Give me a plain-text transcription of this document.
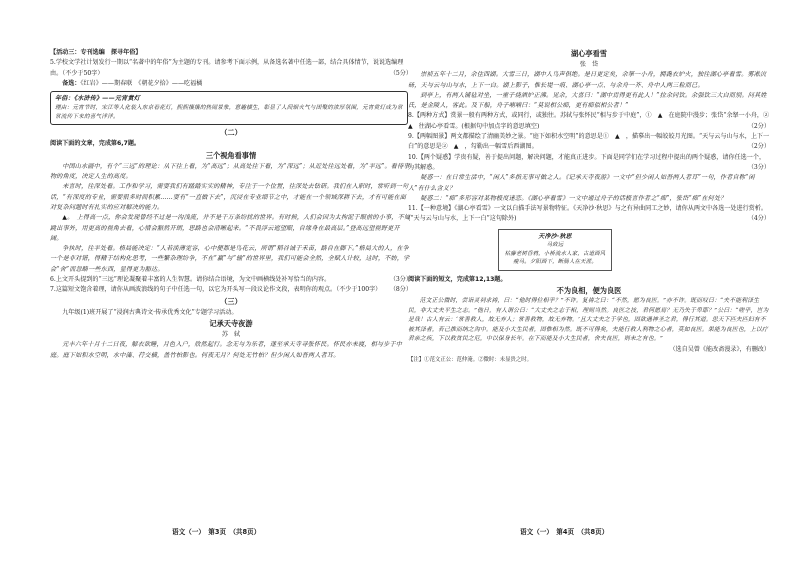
【活动三：专刊选编　探寻年俗】

5.学校文学社计划发行一期以“名著中的年俗”为主题的专刊。请参考下面示例，从备选名著中任选一部，结合具体情节，说说选编理由。（不少于50字）	（5分）

备选：《红岩》——期春联　《朝花夕拾》——吃福橘

年俗：《水浒传》——元宵赏灯

理由：元宵节时，宋江等人化装入东京看花灯，熙熙攘攘的热闹景象，意趣横生，彰显了人间烟火气与团聚的浓厚氛围，元宵赏灯成为常常流传下来的喜气洋洋。

（二）

阅读下面的文章，完成第6,7题。

三个视角看事情

中国山水画中，有个“三远”的理论：从下往上看，为“高远”；从高处往下看，为“深远”；从近处往远处看，为“平远”。看待事物的角度，决定人生的高度。

未言时，往深处看。工作和学习，需要我们有踏踏实实的精神，专注于一个位置，往深处去钻研。我们在入职时，常听到一句话，“有深度的专业，需要很多时间积累……要有“一直做下去”，沉浸在专业细节之中，才能在一个领域深耕下去，才有可能在面对复杂问题时有扎实的应对解决的能力。

▲。　上得高一点，你会发现曾经不过是一沟浅流，并不是千万条纷扰的世界。有时候，人们会因为太拘泥于眼前的小事，不如跳出事外，用更高的视角去看，心情会豁然开朗，思路也会清晰起来。“不畏浮云遮望眼，自缘身在最高层。”登高远望视野更开阔。

争执时，往平处看。格局能决定：“人若淡薄宽容，心中便都是鸟花云，所谓“稻谷诚于禾苗，路自在脚下。”格局大的人，在争一个是非对错，得精于结构化思考，一些繁杂理纷争，不在“赢”与“输”的世界里，我们可能会全然，全赋人计较，这时，不妨，学会“舍”而忽略一些东西，显得更为豁达。

6.上文开头提到的“三远”理论凝聚着丰富的人生智慧。请你结合语境，为文中画横线处补写恰当的内容。	（3分）

7.这篇短文饱含着理，请你从画波浪线的句子中任选一句，以它为开头写一段议论作文段，表明你的观点。（不少于100字） （8分）

（三）

九年级(1)班开展了“浸润古典诗文·传承优秀文化”专题学习活动。

记承天寺夜游

苏　轼

元丰六年十月十二日夜，解衣欲睡，月色入户，欣然起行。念无与为乐者，遂至承天寺寻张怀民。怀民亦未寝，相与步于中庭。庭下如积水空明，水中藻、荇交横，盖竹柏影也。何夜无月？何处无竹柏？但少闲人如吾两人者耳。

湖心亭看雪

张　岱

崇祯五年十二月，余住西湖。大雪三日，湖中人鸟声俱绝。是日更定矣，余拏一小舟，拥毳衣炉火，独往湖心亭看雪。雾凇沆砀，天与云与山与水，上下一白。湖上影子，惟长堤一痕、湖心亭一点、与余舟一芥、舟中人两三粒而已。

到亭上，有两人铺毡对坐，一童子烧酒炉正沸。见余，大喜曰：“湖中焉得更有此人！”拉余同饮。余强饮三大白而别。问其姓氏，是金陵人，客此。及下船，舟子喃喃曰：“莫说相公痴，更有痴似相公者！”

8.【两种方式】赏景一般有两种方式，或同行，或独往。苏轼与张怀民“相与步于中庭”，①　▲　在庭院中漫步；张岱“余拏一小舟，②　▲　往湖心亭看雪。(根据句中加点字的意思填空)	（2分）

9.【两幅图景】两文都描绘了清幽美妙之景。“庭下如积水空明”的意思是①　▲　，描摹出一幅皎皎月光图。“天与云与山与水，上下一白”的意思是②　▲　，勾勒出一幅雪后西湖图。	（2分）

10.【两个疑惑】学贵有疑，善于提出问题，解决问题，才能真正进步。下面是同学们在学习过程中提出的两个疑惑，请你任选一个，为其解惑。	（3分）

疑惑一：在日常生活中，“闲人”多指无事可做之人。《记承天寺夜游》一文中“但少闲人如吾两人者耳”一句，作者自称“闲人”有什么含义？

疑惑二：“痴”多形容对某物极度迷恋。《湖心亭看雪》一文中通过舟子的话极言作者之“痴”，张岱“痴”在何处？

11.【一种意境】《湖心亭看雪》一文以白描手法写景物特征。《天净沙·秋思》与之有异曲同工之妙，请你从两文中各选一处进行赏析。(“天与云与山与水，上下一白”这句除外)	（4分）

天净沙·秋思

马致远

枯藤老树昏鸦，小桥流水人家，古道西风

瘦马。夕阳西下，断肠人在天涯。

阅读下面的短文，完成第12,13题。

不为良相，便为良医

范文正公微时，尝诣灵祠求祷，曰：“他时得位相乎？”不许。复祷之曰：“不然，愿为良医。”亦不许。既而叹曰：“夫不能利泽生民，非大丈夫平生之志。”他日，有人谓公曰：“大丈夫之志于相，理则当然。良医之技，君何愿焉？无乃失于卑耶？”公曰：“嗟乎，岂为是哉！古人有云：‘常善救人，故无弃人；常善救物，故无弃物。’且大丈夫之于学也，固欲遇神圣之君，得行其道。思天下匹夫匹妇有不被其泽者，若己推而纳之沟中。能及小大生民者，固惟相为然。既不可得矣，夫能行救人利物之心者，莫如良医。果能为良医也，上以疗君亲之疾，下以救贫民之厄，中以保身长年。在下而能及小大生民者，舍夫良医，则未之有也。”

（选自吴曾《能改斋漫录》，有删改）

【注】①范文正公：范仲淹。②微时：未显贵之时。

语文（一）　第3页　（共8页）	语文（一）　第4页　（共8页）
